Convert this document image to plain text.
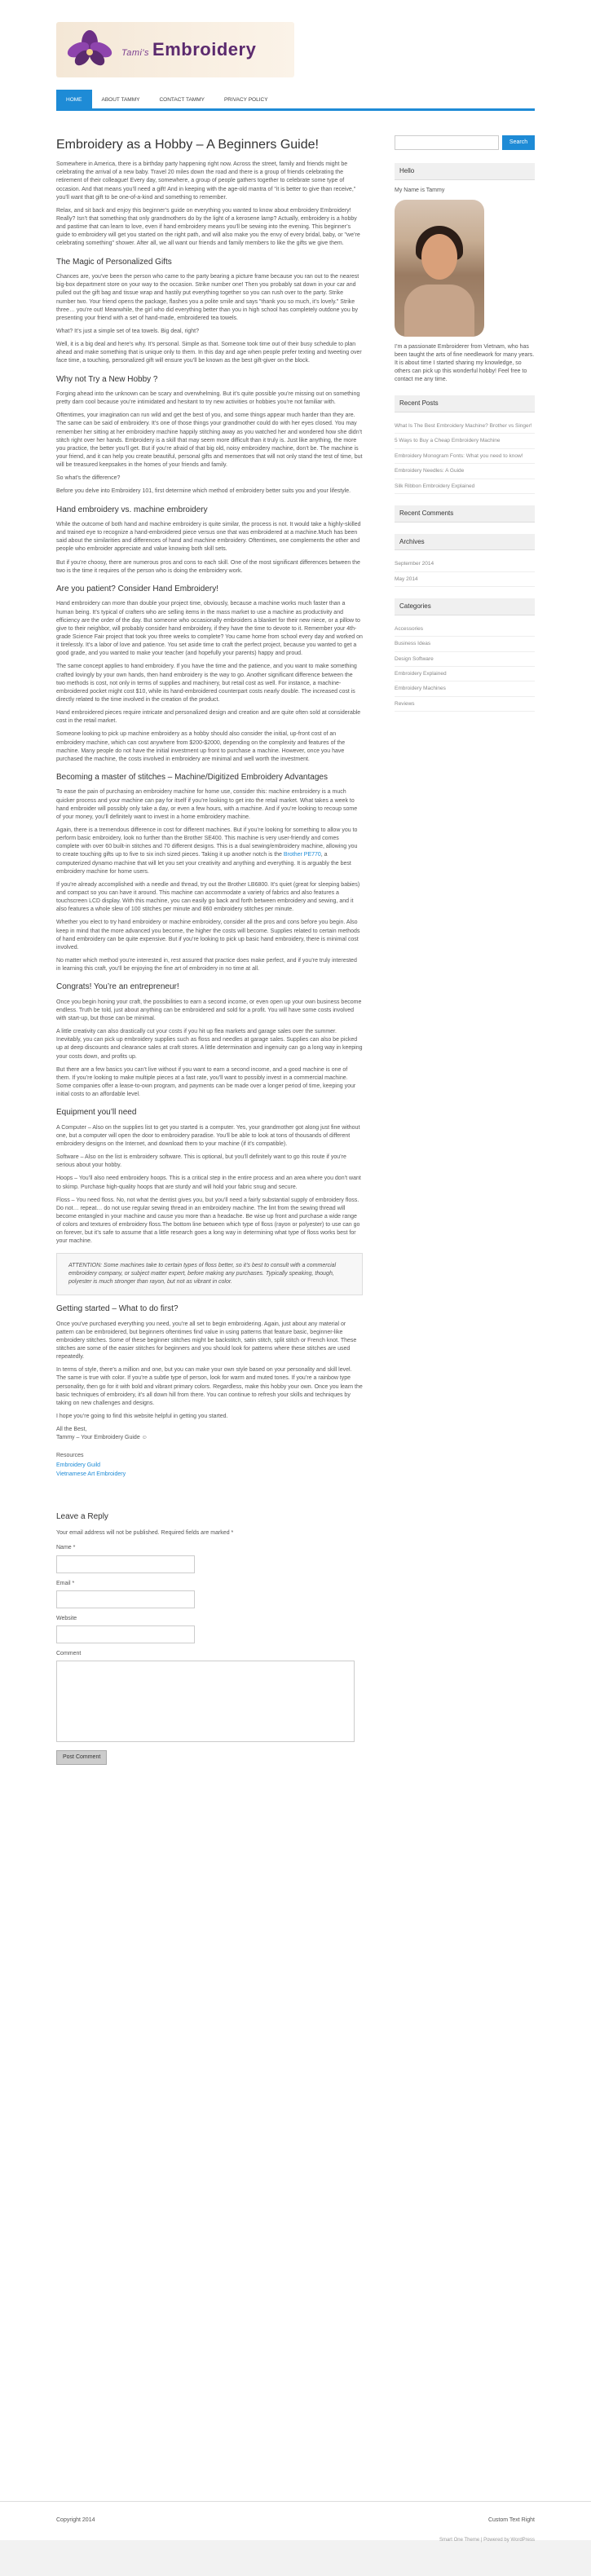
Tami's Embroidery
HOME	ABOUT TAMMY	CONTACT TAMMY	PRIVACY POLICY
Embroidery as a Hobby – A Beginners Guide!

Somewhere in America, there is a birthday party happening right now. Across the street, family and friends might be celebrating the arrival of a new baby. Travel 20 miles down the road and there is a group of friends celebrating the retirement of their colleague! Every day, somewhere, a group of people gathers together to celebrate some type of occasion. And that means you’ll need a gift! And in keeping with the age-old mantra of "it is better to give than receive," you’ll want that gift to be one-of-a-kind and something to remember.

Relax, and sit back and enjoy this beginner’s guide on everything you wanted to know about embroidery Embroidery! Really? Isn’t that something that only grandmothers do by the light of a kerosene lamp? Actually, embroidery is a hobby and pastime that can learn to love, even if hand embroidery means you’ll be sewing into the evening. This beginner’s guide to embroidery will get you started on the right path, and will also make you the envy of every bridal, baby, or "we’re celebrating something" shower. After all, we all want our friends and family members to like the gifts we give them.

The Magic of Personalized Gifts

Chances are, you’ve been the person who came to the party bearing a picture frame because you ran out to the nearest big-box department store on your way to the occasion. Strike number one! Then you probably sat down in your car and pulled out the gift bag and tissue wrap and hastily put everything together so you can rush over to the party. Strike number two. Your friend opens the package, flashes you a polite smile and says "thank you so much, it’s lovely." Strike three… you’re out! Meanwhile, the girl who did everything better than you in high school has completely outdone you by presenting your friend with a set of hand-made, embroidered tea towels.

What? It’s just a simple set of tea towels. Big deal, right?

Well, it is a big deal and here’s why. It’s personal. Simple as that. Someone took time out of their busy schedule to plan ahead and make something that is unique only to them. In this day and age when people prefer texting and tweeting over face time, a touching, personalized gift will ensure you’ll be known as the best gift-giver on the block.

Why not Try a New Hobby ?

Forging ahead into the unknown can be scary and overwhelming. But it’s quite possible you’re missing out on something pretty darn cool because you’re intimidated and hesitant to try new activities or hobbies you’re not familiar with.

Oftentimes, your imagination can run wild and get the best of you, and some things appear much harder than they are. The same can be said of embroidery. It’s one of those things your grandmother could do with her eyes closed. You may remember her sitting at her embroidery machine happily stitching away as you watched her and wondered how she didn’t stitch right over her hands. Embroidery is a skill that may seem more difficult than it truly is. Just like anything, the more you practice, the better you’ll get. But if you’re afraid of that big old, noisy embroidery machine, don’t be. The machine is your friend, and it can help you create beautiful, personal gifts and mementoes that will not only stand the test of time, but will be treasured keepsakes in the homes of your friends and family.

So what’s the difference?

Before you delve into Embroidery 101, first determine which method of embroidery better suits you and your lifestyle.

Hand embroidery vs. machine embroidery

While the outcome of both hand and machine embroidery is quite similar, the process is not. It would take a highly-skilled and trained eye to recognize a hand-embroidered piece versus one that was embroidered at a machine.Much has been said about the similarities and differences of hand and machine embroidery. Oftentimes, one complements the other and people who embroider appreciate and value knowing both skill sets.

But if you’re choosy, there are numerous pros and cons to each skill. One of the most significant differences between the two is the time it requires of the person who is doing the embroidery work.

Are you patient? Consider Hand Embroidery!

Hand embroidery can more than double your project time, obviously, because a machine works much faster than a human being. It’s typical of crafters who are selling items in the mass market to use a machine as productivity and efficiency are the order of the day. But someone who occasionally embroiders a blanket for their new niece, or a pillow to give to their neighbor, will probably consider hand embroidery, if they have the time to devote to it. Remember your 4th-grade Science Fair project that took you three weeks to complete? You came home from school every day and worked on it tirelessly. It’s a labor of love and patience. You set aside time to craft the perfect project, because you wanted to get a good grade, and you wanted to make your teacher (and hopefully your parents) happy and proud.

The same concept applies to hand embroidery. If you have the time and the patience, and you want to make something crafted lovingly by your own hands, then hand embroidery is the way to go. Another significant difference between the two methods is cost, not only in terms of supplies and machinery, but retail cost as well. For instance, a machine-embroidered pocket might cost $10, while its hand-embroidered counterpart costs nearly double. The increased cost is directly related to the time involved in the creation of the product.

Hand embroidered pieces require intricate and personalized design and creation and are quite often sold at considerable cost in the retail market.

Someone looking to pick up machine embroidery as a hobby should also consider the initial, up-front cost of an embroidery machine, which can cost anywhere from $200-$2000, depending on the complexity and features of the machine. Many people do not have the initial investment up front to purchase a machine. However, once you have purchased the machine, the costs involved in embroidery are minimal and well worth the investment.

Becoming a master of stitches – Machine/Digitized Embroidery Advantages

To ease the pain of purchasing an embroidery machine for home use, consider this: machine embroidery is a much quicker process and your machine can pay for itself if you’re looking to get into the retail market. What takes a week to hand embroider will possibly only take a day, or even a few hours, with a machine. And if you’re looking to recoup some of your money, you’ll definitely want to invest in a home embroidery machine.

Again, there is a tremendous difference in cost for different machines. But if you’re looking for something to allow you to perform basic embroidery, look no further than the Brother SE400. This machine is very user-friendly and comes complete with over 60 built-in stitches and 70 different designs. This is a dual sewing/embroidery machine, allowing you to create touching gifts up to five to six inch sized pieces. Taking it up another notch is the Brother PE770, a computerized dynamo machine that will let you set your creativity and anything and everything. It is arguably the best embroidery machine for home users.

If you’re already accomplished with a needle and thread, try out the Brother LB6800. It’s quiet (great for sleeping babies) and compact so you can have it around. This machine can accommodate a variety of fabrics and also features a touchscreen LCD display. With this machine, you can easily go back and forth between embroidery and sewing, and it also features a whole slew of 100 stitches per minute and 860 embroidery stitches per minute.

Whether you elect to try hand embroidery or machine embroidery, consider all the pros and cons before you begin. Also keep in mind that the more advanced you become, the higher the costs will become. Supplies related to certain methods of hand embroidery can be quite expensive. But if you’re looking to pick up basic hand embroidery, there is minimal cost involved.

No matter which method you’re interested in, rest assured that practice does make perfect, and if you’re truly interested in learning this craft, you’ll be enjoying the fine art of embroidery in no time at all.

Congrats! You’re an entrepreneur!

Once you begin honing your craft, the possibilities to earn a second income, or even open up your own business become endless. Truth be told, just about anything can be embroidered and sold for a profit. You will have some costs involved with start-up, but those can be minimal.

A little creativity can also drastically cut your costs if you hit up flea markets and garage sales over the summer. Inevitably, you can pick up embroidery supplies such as floss and needles at garage sales. Supplies can also be picked up at deep discounts and clearance sales at craft stores. A little determination and ingenuity can go a long way in keeping your costs down, and profits up.

But there are a few basics you can’t live without if you want to earn a second income, and a good machine is one of them. If you’re looking to make multiple pieces at a fast rate, you’ll want to possibly invest in a commercial machine. Some companies offer a lease-to-own program, and payments can be made over a longer period of time, keeping your initial costs to an affordable level.

Equipment you’ll need

A Computer – Also on the supplies list to get you started is a computer. Yes, your grandmother got along just fine without one, but a computer will open the door to embroidery paradise. You’ll be able to look at tons of thousands of different embroidery designs on the Internet, and download them to your machine (if it’s compatible).

Software – Also on the list is embroidery software. This is optional, but you’ll definitely want to go this route if you’re serious about your hobby.

Hoops – You’ll also need embroidery hoops. This is a critical step in the entire process and an area where you don’t want to skimp. Purchase high-quality hoops that are sturdy and will hold your fabric snug and secure.

Floss – You need floss. No, not what the dentist gives you, but you’ll need a fairly substantial supply of embroidery floss. Do not… repeat… do not use regular sewing thread in an embroidery machine. The lint from the sewing thread will become entangled in your machine and cause you more than a headache. Be wise up front and purchase a wide range of colors and textures of embroidery floss.The bottom line between which type of floss (rayon or polyester) to use can go on forever, but it’s safe to assume that a little research goes a long way in determining what type of floss works best for your machine.

ATTENTION: Some machines take to certain types of floss better, so it’s best to consult with a commercial embroidery company, or subject matter expert, before making any purchases. Typically speaking, though, polyester is much stronger than rayon, but not as vibrant in color.
Getting started – What to do first?

Once you’ve purchased everything you need, you’re all set to begin embroidering. Again, just about any material or pattern can be embroidered, but beginners oftentimes find value in using patterns that feature basic, beginner-like embroidery stitches. Some of these beginner stitches might be backstitch, satin stitch, split stitch or French knot. These stitches are some of the easier stitches for beginners and you should look for patterns where these stitches are used repeatedly.

In terms of style, there’s a million and one, but you can make your own style based on your personality and skill level. The same is true with color. If you’re a subtle type of person, look for warm and muted tones. If you’re a rainbow type personality, then go for it with bold and vibrant primary colors. Regardless, make this hobby your own. Once you learn the basic techniques of embroidery, it’s all down hill from there. You can continue to refresh your skills and techniques by taking on new challenges and designs.

I hope you’re going to find this website helpful in getting you started.

All the Best,
Tammy – Your Embroidery Guide ☺

Resources

Embroidery Guild

Vietnamese Art Embroidery

Leave a Reply

Your email address will not be published. Required fields are marked *

Name *
Email *
Website
Comment
Post Comment
Search
Hello

My Name is Tammy

I’m a passionate Embroiderer from Vietnam, who has been taught the arts of fine needlework for many years. It is about time I started sharing my knowledge, so others can pick up this wonderful hobby! Feel free to contact me any time.

Recent Posts
What Is The Best Embroidery Machine? Brother vs Singer!
5 Ways to Buy a Cheap Embroidery Machine
Embroidery Monogram Fonts: What you need to know!
Embroidery Needles: A Guide
Silk Ribbon Embroidery Explained
Recent Comments
Archives
September 2014
May 2014
Categories
Accessories
Business Ideas
Design Software
Embroidery Explained
Embroidery Machines
Reviews
Copyright 2014	Custom Text Right
Smart One Theme | Powered by WordPress
